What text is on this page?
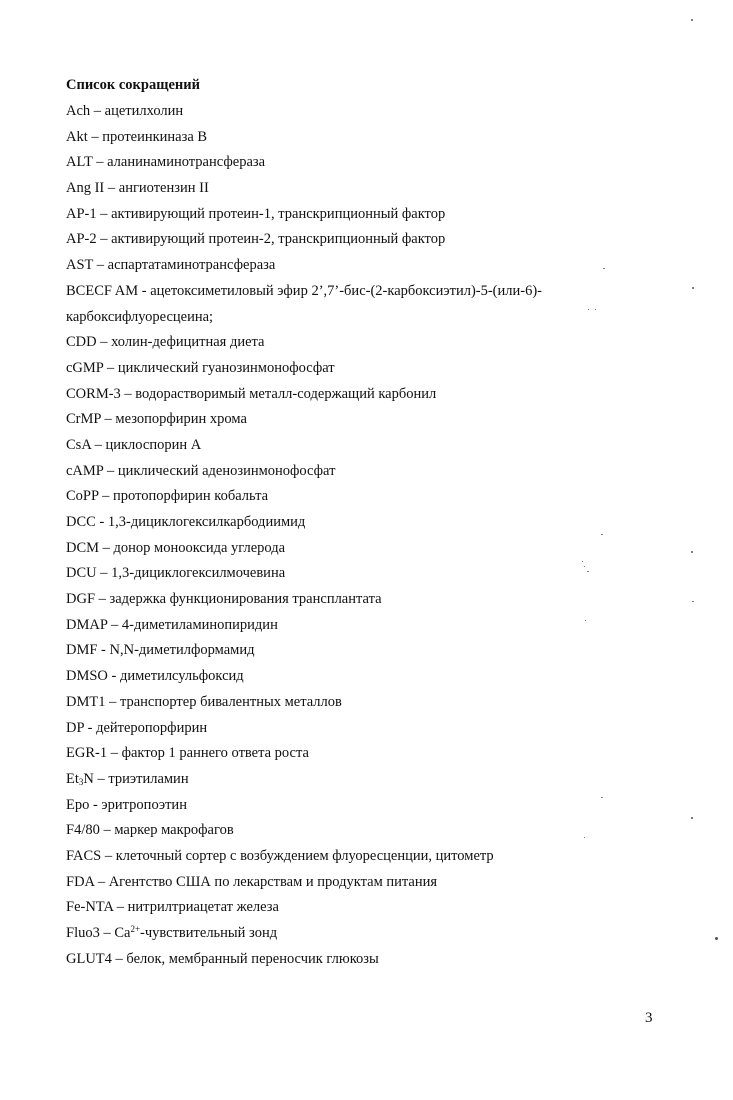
Список сокращений
Ach – ацетилхолин
Akt – протеинкиназа B
ALT – аланинаминотрансфераза
Ang II – ангиотензин II
AP-1 – активирующий протеин-1, транскрипционный фактор
AP-2 – активирующий протеин-2, транскрипционный фактор
AST – аспартатаминотрансфераза
BCECF AM - ацетоксиметиловый эфир 2’,7’-бис-(2-карбоксиэтил)-5-(или-6)-
карбоксифлуоресцеина;
CDD – холин-дефицитная диета
cGMP – циклический гуанозинмонофосфат
CORM-3 – водорастворимый металл-содержащий карбонил
CrMP – мезопорфирин хрома
CsA – циклоспорин А
cAMP – циклический аденозинмонофосфат
CoPP – протопорфирин кобальта
DCC - 1,3-дициклогексилкарбодиимид
DCM – донор монооксида углерода
DCU – 1,3-дициклогексилмочевина
DGF – задержка функционирования трансплантата
DMAP – 4-диметиламинопиридин
DMF - N,N-диметилформамид
DMSO - диметилсульфоксид
DMT1 – транспортер бивалентных металлов
DP - дейтеропорфирин
EGR-1 – фактор 1 раннего ответа роста
$Et_3N$ – триэтиламин
Epo - эритропоэтин
F4/80 – маркер макрофагов
FACS – клеточный сортер с возбуждением флуоресценции, цитометр
FDA – Агентство США по лекарствам и продуктам питания
Fe-NTA – нитрилтриацетат железа
Fluo3 – $Ca^{2+}$-чувствительный зонд
GLUT4 – белок, мембранный переносчик глюкозы
3
